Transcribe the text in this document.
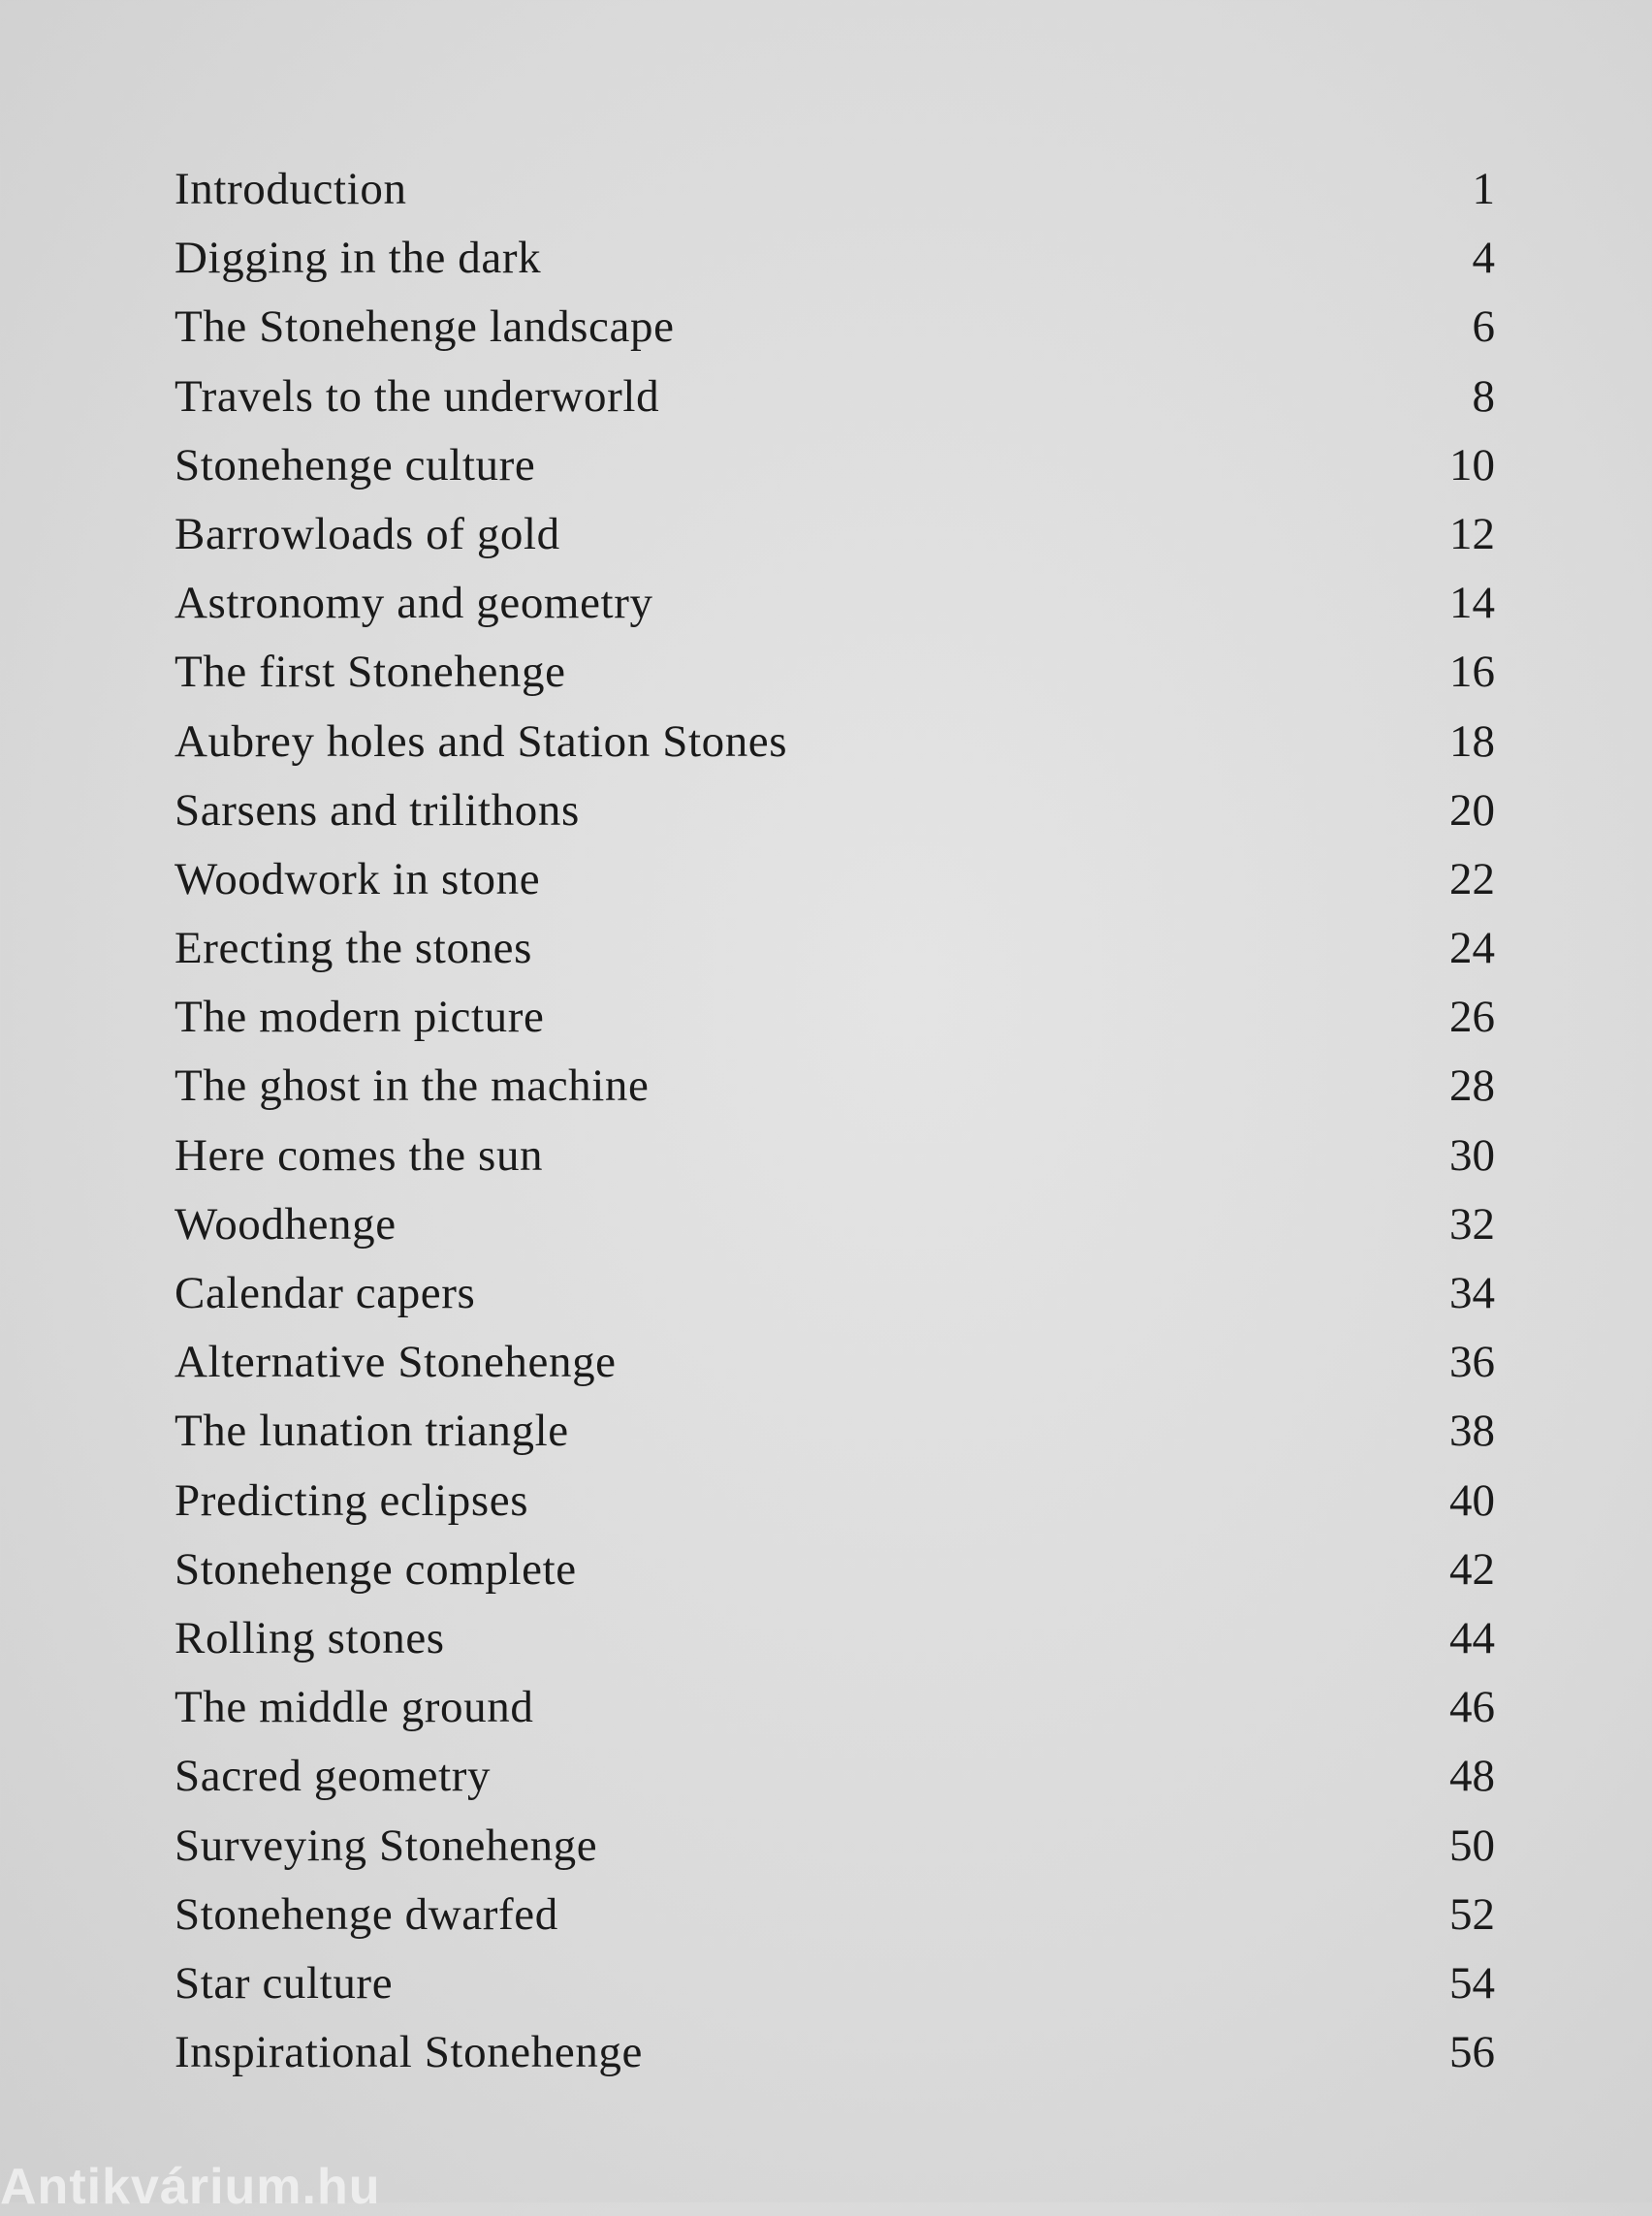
Introduction	1
Digging in the dark	4
The Stonehenge landscape	6
Travels to the underworld	8
Stonehenge culture	10
Barrowloads of gold	12
Astronomy and geometry	14
The first Stonehenge	16
Aubrey holes and Station Stones	18
Sarsens and trilithons	20
Woodwork in stone	22
Erecting the stones	24
The modern picture	26
The ghost in the machine	28
Here comes the sun	30
Woodhenge	32
Calendar capers	34
Alternative Stonehenge	36
The lunation triangle	38
Predicting eclipses	40
Stonehenge complete	42
Rolling stones	44
The middle ground	46
Sacred geometry	48
Surveying Stonehenge	50
Stonehenge dwarfed	52
Star culture	54
Inspirational Stonehenge	56
Antikvárium.hu
